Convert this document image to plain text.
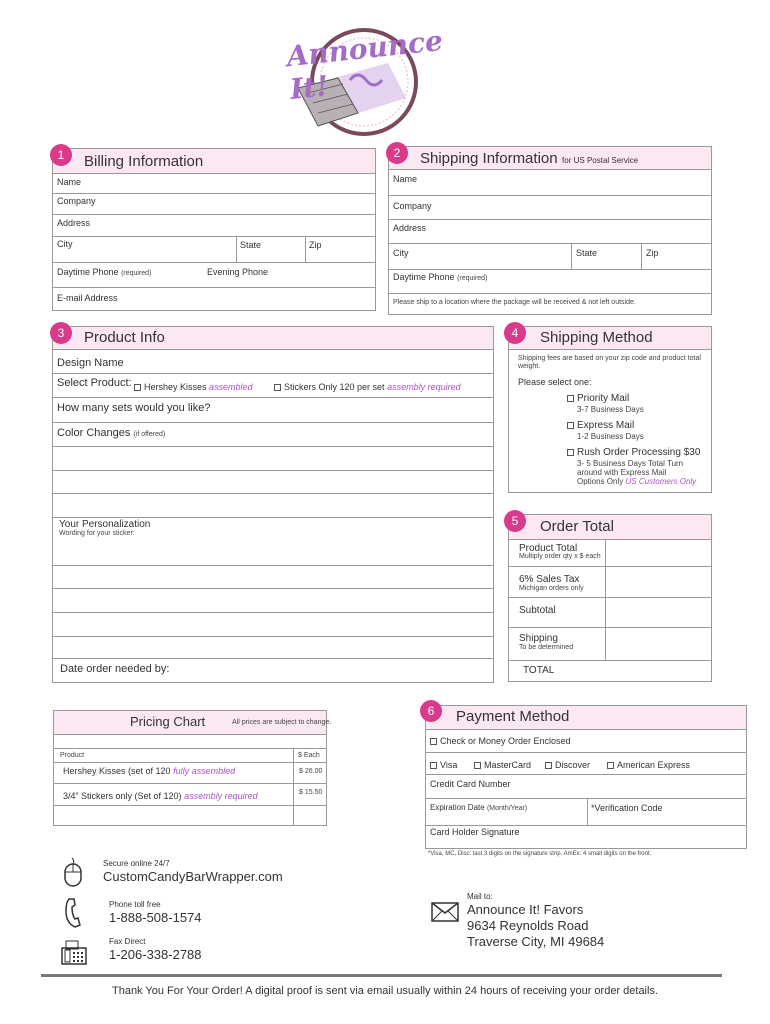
Announce It!
1	Billing Information
Name
Company
Address
City	State	Zip
Daytime Phone (required)	Evening Phone
E-mail Address
2	Shipping Information for US Postal Service
Name
Company
Address
City	State	Zip
Daytime Phone (required)
Please ship to a location where the package will be received & not left outside.
3	Product Info
Design Name
Select Product:	Hershey Kisses assembled	Stickers Only 120 per set assembly required
How many sets would you like?
Color Changes (if offered)
Your Personalization
Wording for your sticker:
Date order needed by:
4	Shipping Method
Shipping fees are based on your zip code and product total weight.
Please select one:
Priority Mail
3-7 Business Days
Express Mail
1-2 Business Days
Rush Order Processing $30
3- 5 Business Days Total Turn
around with Express Mail
Options Only US Customers Only
5	Order Total
Product Total
Multiply order qty x $ each
6% Sales Tax
Michigan orders only
Subtotal
Shipping
To be determined
TOTAL
Pricing Chart	All prices are subject to change.
Product	$ Each
Hershey Kisses (set of 120 fully assembled	$ 26.00
3/4” Stickers only (Set of 120) assembly required	$ 15.50
6	Payment Method
Check or Money Order Enclosed
Visa	MasterCard	Discover	American Express
Credit Card Number
Expiration Date (Month/Year)	*Verification Code
Card Holder Signature
*Visa, MC, Disc: last 3 digits on the signature strip. AmEx: 4 small digits on the front.
Secure online 24/7
CustomCandyBarWrapper.com
Phone toll free
1-888-508-1574
Fax Direct
1-206-338-2788
Mail to:
Announce It! Favors
9634 Reynolds Road
Traverse City, MI 49684
Thank You For Your Order! A digital proof is sent via email usually within 24 hours of receiving your order details.
